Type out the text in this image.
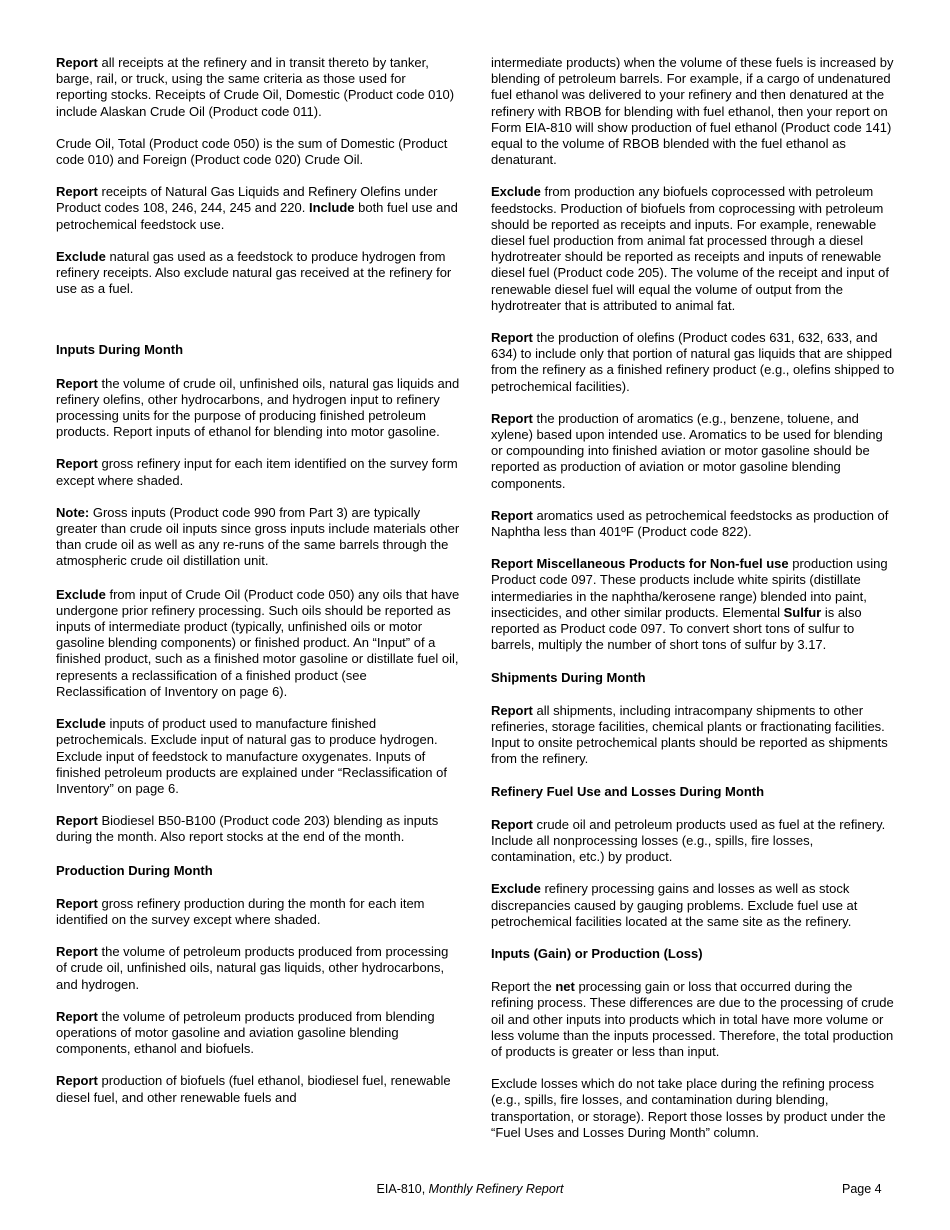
Report all receipts at the refinery and in transit thereto by tanker, barge, rail, or truck, using the same criteria as those used for reporting stocks. Receipts of Crude Oil, Domestic (Product code 010) include Alaskan Crude Oil (Product code 011).

Crude Oil, Total (Product code 050) is the sum of Domestic (Product code 010) and Foreign (Product code 020) Crude Oil.

Report receipts of Natural Gas Liquids and Refinery Olefins under Product codes 108, 246, 244, 245 and 220. Include both fuel use and petrochemical feedstock use.

Exclude natural gas used as a feedstock to produce hydrogen from refinery receipts. Also exclude natural gas received at the refinery for use as a fuel.

Inputs During Month

Report the volume of crude oil, unfinished oils, natural gas liquids and refinery olefins, other hydrocarbons, and hydrogen input to refinery processing units for the purpose of producing finished petroleum products. Report inputs of ethanol for blending into motor gasoline.

Report gross refinery input for each item identified on the survey form except where shaded.

Note: Gross inputs (Product code 990 from Part 3) are typically greater than crude oil inputs since gross inputs include materials other than crude oil as well as any re-runs of the same barrels through the atmospheric crude oil distillation unit.

Exclude from input of Crude Oil (Product code 050) any oils that have undergone prior refinery processing. Such oils should be reported as inputs of intermediate product (typically, unfinished oils or motor gasoline blending components) or finished product. An “Input” of a finished product, such as a finished motor gasoline or distillate fuel oil, represents a reclassification of a finished product (see Reclassification of Inventory on page 6).

Exclude inputs of product used to manufacture finished petrochemicals. Exclude input of natural gas to produce hydrogen. Exclude input of feedstock to manufacture oxygenates. Inputs of finished petroleum products are explained under “Reclassification of Inventory” on page 6.

Report Biodiesel B50-B100 (Product code 203) blending as inputs during the month. Also report stocks at the end of the month.

Production During Month

Report gross refinery production during the month for each item identified on the survey except where shaded.

Report the volume of petroleum products produced from processing of crude oil, unfinished oils, natural gas liquids, other hydrocarbons, and hydrogen.

Report the volume of petroleum products produced from blending operations of motor gasoline and aviation gasoline blending components, ethanol and biofuels.

Report production of biofuels (fuel ethanol, biodiesel fuel, renewable diesel fuel, and other renewable fuels and

intermediate products) when the volume of these fuels is increased by blending of petroleum barrels. For example, if a cargo of undenatured fuel ethanol was delivered to your refinery and then denatured at the refinery with RBOB for blending with fuel ethanol, then your report on Form EIA-810 will show production of fuel ethanol (Product code 141) equal to the volume of RBOB blended with the fuel ethanol as denaturant.

Exclude from production any biofuels coprocessed with petroleum feedstocks. Production of biofuels from coprocessing with petroleum should be reported as receipts and inputs. For example, renewable diesel fuel production from animal fat processed through a diesel hydrotreater should be reported as receipts and inputs of renewable diesel fuel (Product code 205). The volume of the receipt and input of renewable diesel fuel will equal the volume of output from the hydrotreater that is attributed to animal fat.

Report the production of olefins (Product codes 631, 632, 633, and 634) to include only that portion of natural gas liquids that are shipped from the refinery as a finished refinery product (e.g., olefins shipped to petrochemical facilities).

Report the production of aromatics (e.g., benzene, toluene, and xylene) based upon intended use. Aromatics to be used for blending or compounding into finished aviation or motor gasoline should be reported as production of aviation or motor gasoline blending components.

Report aromatics used as petrochemical feedstocks as production of Naphtha less than 401ºF (Product code 822).

Report Miscellaneous Products for Non-fuel use production using Product code 097. These products include white spirits (distillate intermediaries in the naphtha/kerosene range) blended into paint, insecticides, and other similar products. Elemental Sulfur is also reported as Product code 097. To convert short tons of sulfur to barrels, multiply the number of short tons of sulfur by 3.17.

Shipments During Month

Report all shipments, including intracompany shipments to other refineries, storage facilities, chemical plants or fractionating facilities. Input to onsite petrochemical plants should be reported as shipments from the refinery.

Refinery Fuel Use and Losses During Month

Report crude oil and petroleum products used as fuel at the refinery. Include all nonprocessing losses (e.g., spills, fire losses, contamination, etc.) by product.

Exclude refinery processing gains and losses as well as stock discrepancies caused by gauging problems. Exclude fuel use at petrochemical facilities located at the same site as the refinery.

Inputs (Gain) or Production (Loss)

Report the net processing gain or loss that occurred during the refining process. These differences are due to the processing of crude oil and other inputs into products which in total have more volume or less volume than the inputs processed. Therefore, the total production of products is greater or less than input.

Exclude losses which do not take place during the refining process (e.g., spills, fire losses, and contamination during blending, transportation, or storage). Report those losses by product under the “Fuel Uses and Losses During Month” column.

EIA-810, Monthly Refinery Report	Page 4
